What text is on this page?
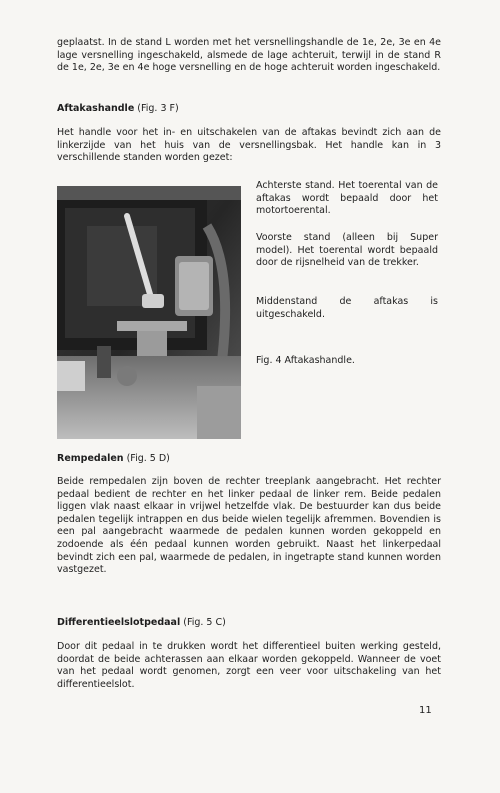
geplaatst. In de stand L worden met het versnellingshandle de 1e, 2e, 3e en 4e lage versnelling ingeschakeld, alsmede de lage achteruit, terwijl in de stand R de 1e, 2e, 3e en 4e hoge versnelling en de hoge achteruit worden ingeschakeld.

Aftakashandle (Fig. 3 F)

Het handle voor het in- en uitschakelen van de aftakas bevindt zich aan de linkerzijde van het huis van de versnellingsbak. Het handle kan in 3 verschillende standen worden gezet:

Achterste stand. Het toerental van de aftakas wordt bepaald door het motortoerental.

Voorste stand (alleen bij Super model). Het toerental wordt bepaald door de rijsnelheid van de trekker.

Middenstand de aftakas is uitgeschakeld.

Fig. 4 Aftakashandle.

Rempedalen (Fig. 5 D)

Beide rempedalen zijn boven de rechter treeplank aangebracht. Het rechter pedaal bedient de rechter en het linker pedaal de linker rem. Beide pedalen liggen vlak naast elkaar in vrijwel hetzelfde vlak. De bestuurder kan dus beide pedalen tegelijk intrappen en dus beide wielen tegelijk afremmen. Bovendien is een pal aangebracht waarmede de pedalen kunnen worden gekoppeld en zodoende als één pedaal kunnen worden gebruikt. Naast het linkerpedaal bevindt zich een pal, waarmede de pedalen, in ingetrapte stand kunnen worden vastgezet.

Differentieelslotpedaal (Fig. 5 C)

Door dit pedaal in te drukken wordt het differentieel buiten werking gesteld, doordat de beide achterassen aan elkaar worden gekoppeld. Wanneer de voet van het pedaal wordt genomen, zorgt een veer voor uitschakeling van het differentieelslot.

11
